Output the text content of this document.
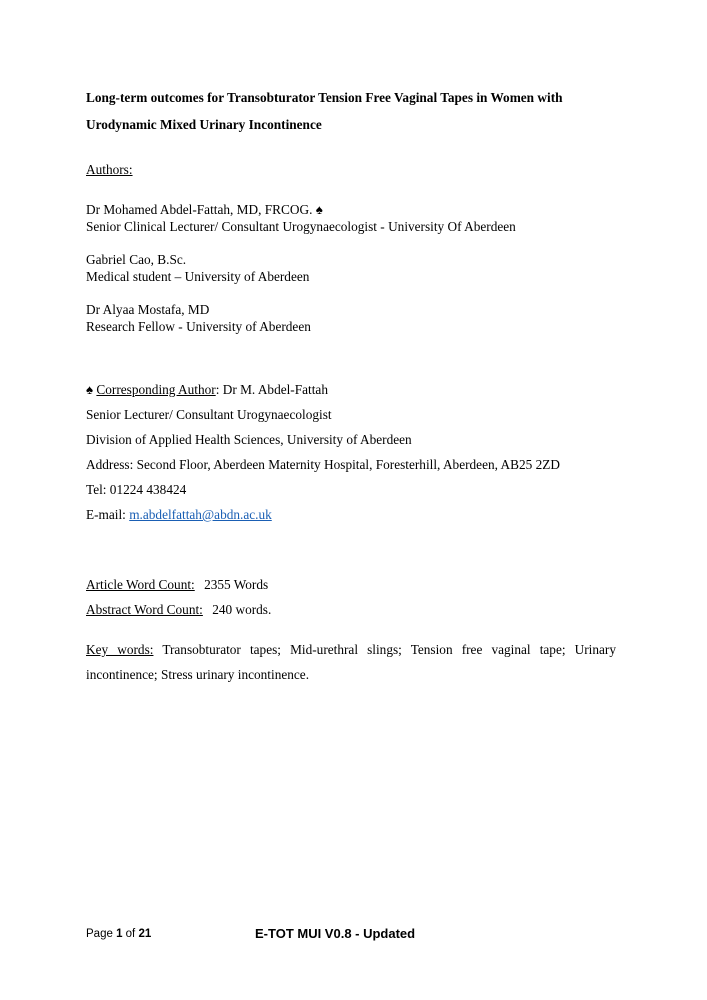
Long-term outcomes for Transobturator Tension Free Vaginal Tapes in Women with
Urodynamic Mixed Urinary Incontinence

Authors:
Dr Mohamed Abdel-Fattah, MD, FRCOG. ♠
Senior Clinical Lecturer/ Consultant Urogynaecologist - University Of Aberdeen
Gabriel Cao, B.Sc.
Medical student – University of Aberdeen
Dr Alyaa Mostafa, MD
Research Fellow - University of Aberdeen
♠ Corresponding Author: Dr M. Abdel-Fattah
Senior Lecturer/ Consultant Urogynaecologist
Division of Applied Health Sciences, University of Aberdeen
Address: Second Floor, Aberdeen Maternity Hospital, Foresterhill, Aberdeen, AB25 2ZD
Tel: 01224 438424
E-mail: m.abdelfattah@abdn.ac.uk
Article Word Count: 2355 Words
Abstract Word Count: 240 words.
Key words: Transobturator tapes; Mid-urethral slings; Tension free vaginal tape; Urinary incontinence; Stress urinary incontinence.
Page 1 of 21	E-TOT MUI V0.8 - Updated
